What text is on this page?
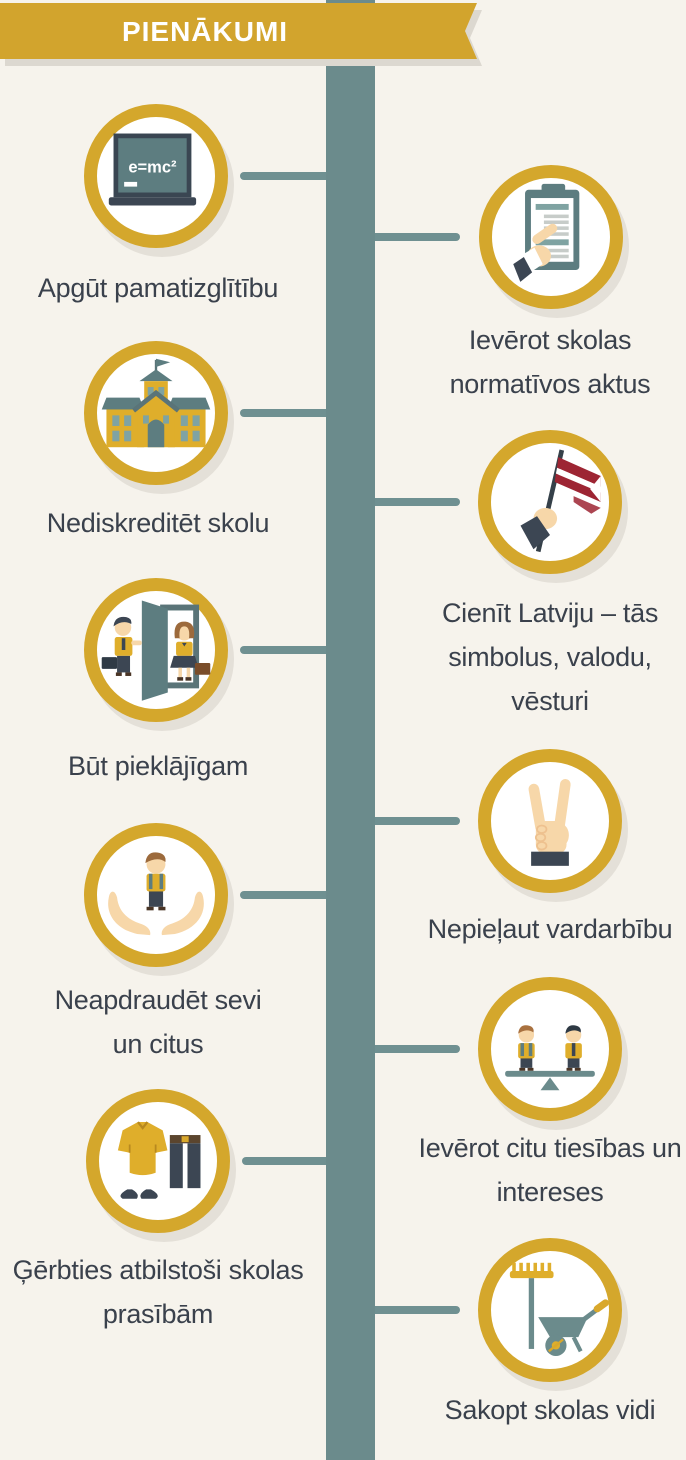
PIENĀKUMI
e=mc²
Apgūt pamatizglītību
Ievērot skolas
normatīvos aktus
Nediskreditēt skolu
Cienīt Latviju – tās
simbolus, valodu,
vēsturi
Būt pieklājīgam
Nepieļaut vardarbību
Neapdraudēt sevi
un citus
Ievērot citu tiesības un
intereses
Ģērbties atbilstoši skolas
prasībām
Sakopt skolas vidi
